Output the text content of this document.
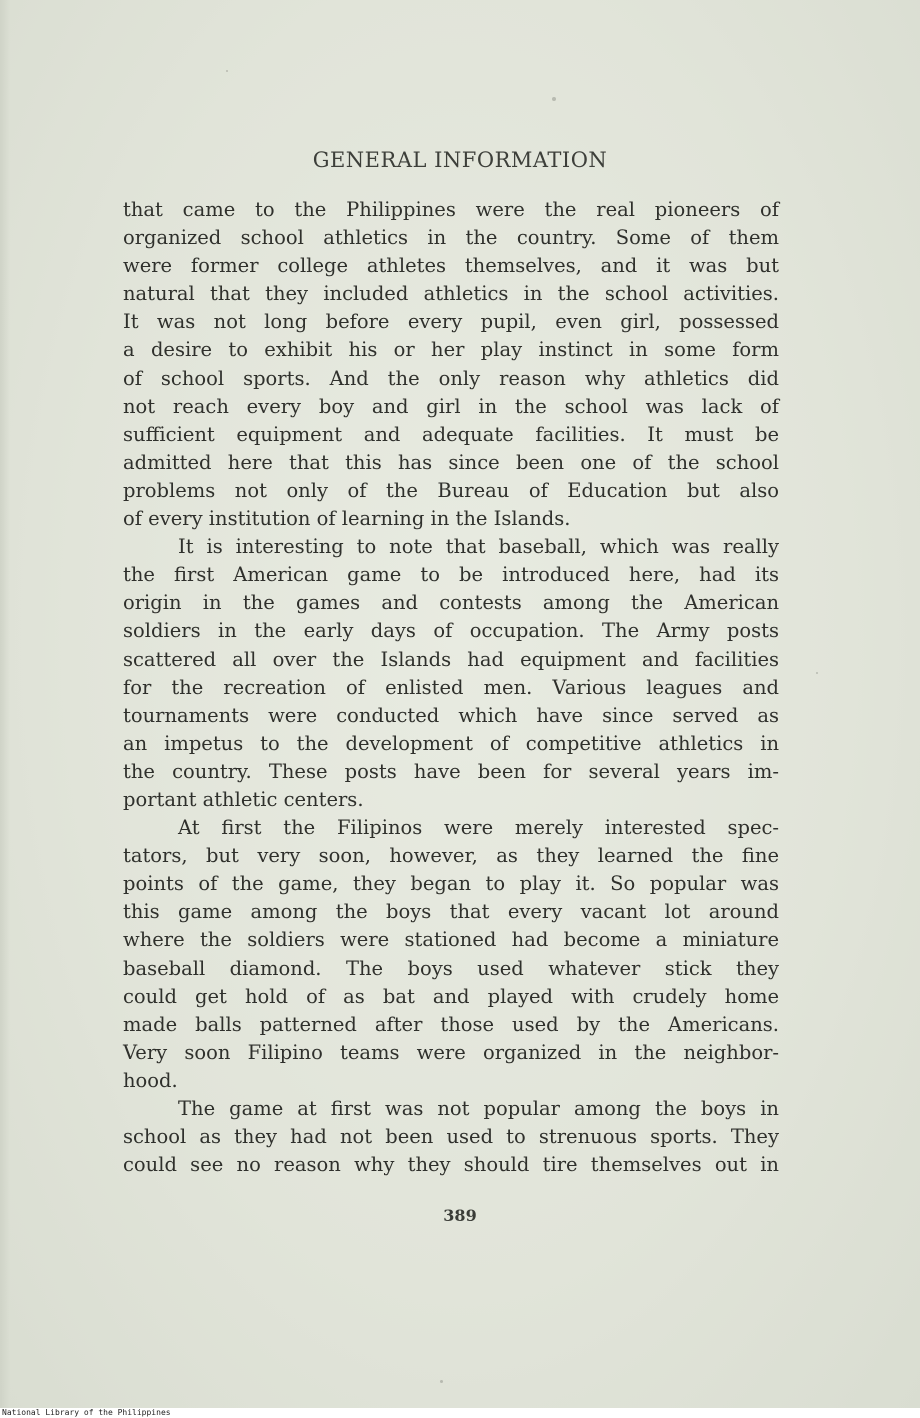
GENERAL INFORMATION
that came to the Philippines were the real pioneers of
organized school athletics in the country. Some of them
were former college athletes themselves, and it was but
natural that they included athletics in the school activities.
It was not long before every pupil, even girl, possessed
a desire to exhibit his or her play instinct in some form
of school sports. And the only reason why athletics did
not reach every boy and girl in the school was lack of
sufficient equipment and adequate facilities. It must be
admitted here that this has since been one of the school
problems not only of the Bureau of Education but also
of every institution of learning in the Islands.
It is interesting to note that baseball, which was really
the first American game to be introduced here, had its
origin in the games and contests among the American
soldiers in the early days of occupation. The Army posts
scattered all over the Islands had equipment and facilities
for the recreation of enlisted men. Various leagues and
tournaments were conducted which have since served as
an impetus to the development of competitive athletics in
the country. These posts have been for several years im-
portant athletic centers.
At first the Filipinos were merely interested spec-
tators, but very soon, however, as they learned the fine
points of the game, they began to play it. So popular was
this game among the boys that every vacant lot around
where the soldiers were stationed had become a miniature
baseball diamond. The boys used whatever stick they
could get hold of as bat and played with crudely home
made balls patterned after those used by the Americans.
Very soon Filipino teams were organized in the neighbor-
hood.
The game at first was not popular among the boys in
school as they had not been used to strenuous sports. They
could see no reason why they should tire themselves out in
389
National Library of the Philippines
